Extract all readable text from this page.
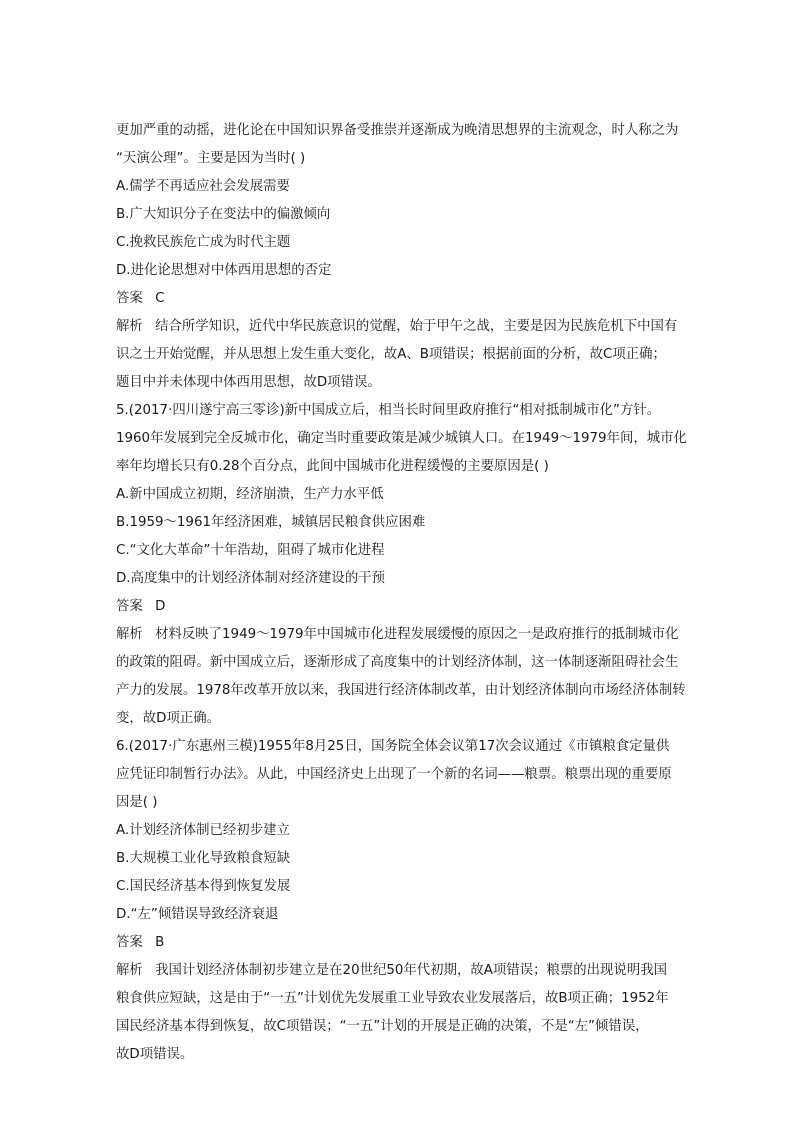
更加严重的动摇，进化论在中国知识界备受推崇并逐渐成为晚清思想界的主流观念，时人称之为
“天演公理”。主要是因为当时( )
A.儒学不再适应社会发展需要
B.广大知识分子在变法中的偏激倾向
C.挽救民族危亡成为时代主题
D.进化论思想对中体西用思想的否定
答案 C
解析 结合所学知识，近代中华民族意识的觉醒，始于甲午之战，主要是因为民族危机下中国有
识之士开始觉醒，并从思想上发生重大变化，故A、B项错误；根据前面的分析，故C项正确；
题目中并未体现中体西用思想，故D项错误。
5.(2017·四川遂宁高三零诊)新中国成立后，相当长时间里政府推行“相对抵制城市化”方针。
1960年发展到完全反城市化，确定当时重要政策是减少城镇人口。在1949～1979年间，城市化
率年均增长只有0.28个百分点，此间中国城市化进程缓慢的主要原因是( )
A.新中国成立初期，经济崩溃，生产力水平低
B.1959～1961年经济困难，城镇居民粮食供应困难
C.“文化大革命”十年浩劫，阻碍了城市化进程
D.高度集中的计划经济体制对经济建设的干预
答案 D
解析 材料反映了1949～1979年中国城市化进程发展缓慢的原因之一是政府推行的抵制城市化
的政策的阻碍。新中国成立后，逐渐形成了高度集中的计划经济体制，这一体制逐渐阻碍社会生
产力的发展。1978年改革开放以来，我国进行经济体制改革，由计划经济体制向市场经济体制转
变，故D项正确。
6.(2017·广东惠州三模)1955年8月25日，国务院全体会议第17次会议通过《市镇粮食定量供
应凭证印制暂行办法》。从此，中国经济史上出现了一个新的名词——粮票。粮票出现的重要原
因是( )
A.计划经济体制已经初步建立
B.大规模工业化导致粮食短缺
C.国民经济基本得到恢复发展
D.“左”倾错误导致经济衰退
答案 B
解析 我国计划经济体制初步建立是在20世纪50年代初期，故A项错误；粮票的出现说明我国
粮食供应短缺，这是由于“一五”计划优先发展重工业导致农业发展落后，故B项正确；1952年
国民经济基本得到恢复，故C项错误；“一五”计划的开展是正确的决策，不是“左”倾错误，
故D项错误。
